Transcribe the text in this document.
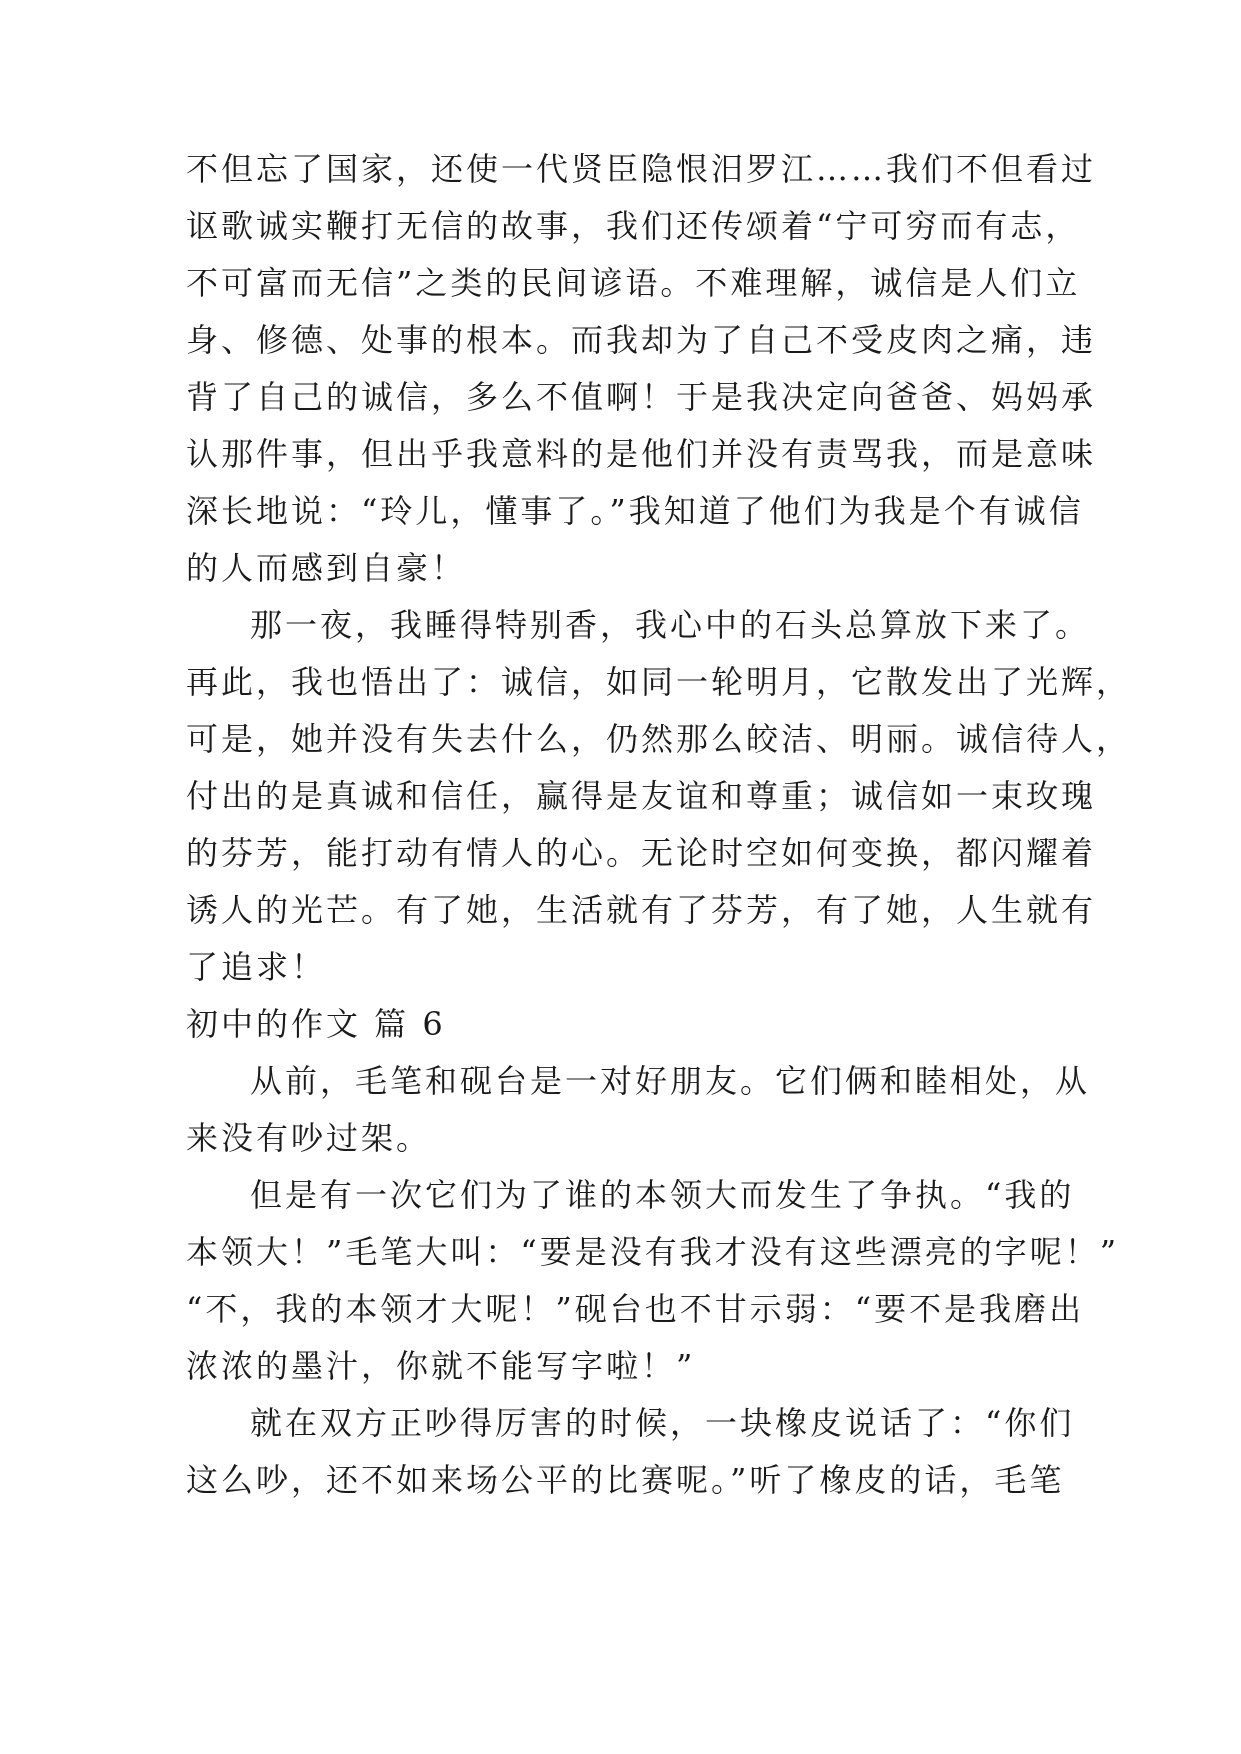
不但忘了国家，还使一代贤臣隐恨汨罗江……我们不但看过
讴歌诚实鞭打无信的故事，我们还传颂着“宁可穷而有志，
不可富而无信”之类的民间谚语。不难理解，诚信是人们立
身、修德、处事的根本。而我却为了自己不受皮肉之痛，违
背了自己的诚信，多么不值啊！于是我决定向爸爸、妈妈承
认那件事，但出乎我意料的是他们并没有责骂我，而是意味
深长地说：“玲儿，懂事了。”我知道了他们为我是个有诚信
的人而感到自豪！
那一夜，我睡得特别香，我心中的石头总算放下来了。
再此，我也悟出了：诚信，如同一轮明月，它散发出了光辉，
可是，她并没有失去什么，仍然那么皎洁、明丽。诚信待人，
付出的是真诚和信任，赢得是友谊和尊重；诚信如一束玫瑰
的芬芳，能打动有情人的心。无论时空如何变换，都闪耀着
诱人的光芒。有了她，生活就有了芬芳，有了她，人生就有
了追求！
初中的作文 篇 6
从前，毛笔和砚台是一对好朋友。它们俩和睦相处，从
来没有吵过架。
但是有一次它们为了谁的本领大而发生了争执。“我的
本领大！”毛笔大叫：“要是没有我才没有这些漂亮的字呢！”
“不，我的本领才大呢！”砚台也不甘示弱：“要不是我磨出
浓浓的墨汁，你就不能写字啦！”
就在双方正吵得厉害的时候，一块橡皮说话了：“你们
这么吵，还不如来场公平的比赛呢。”听了橡皮的话，毛笔
